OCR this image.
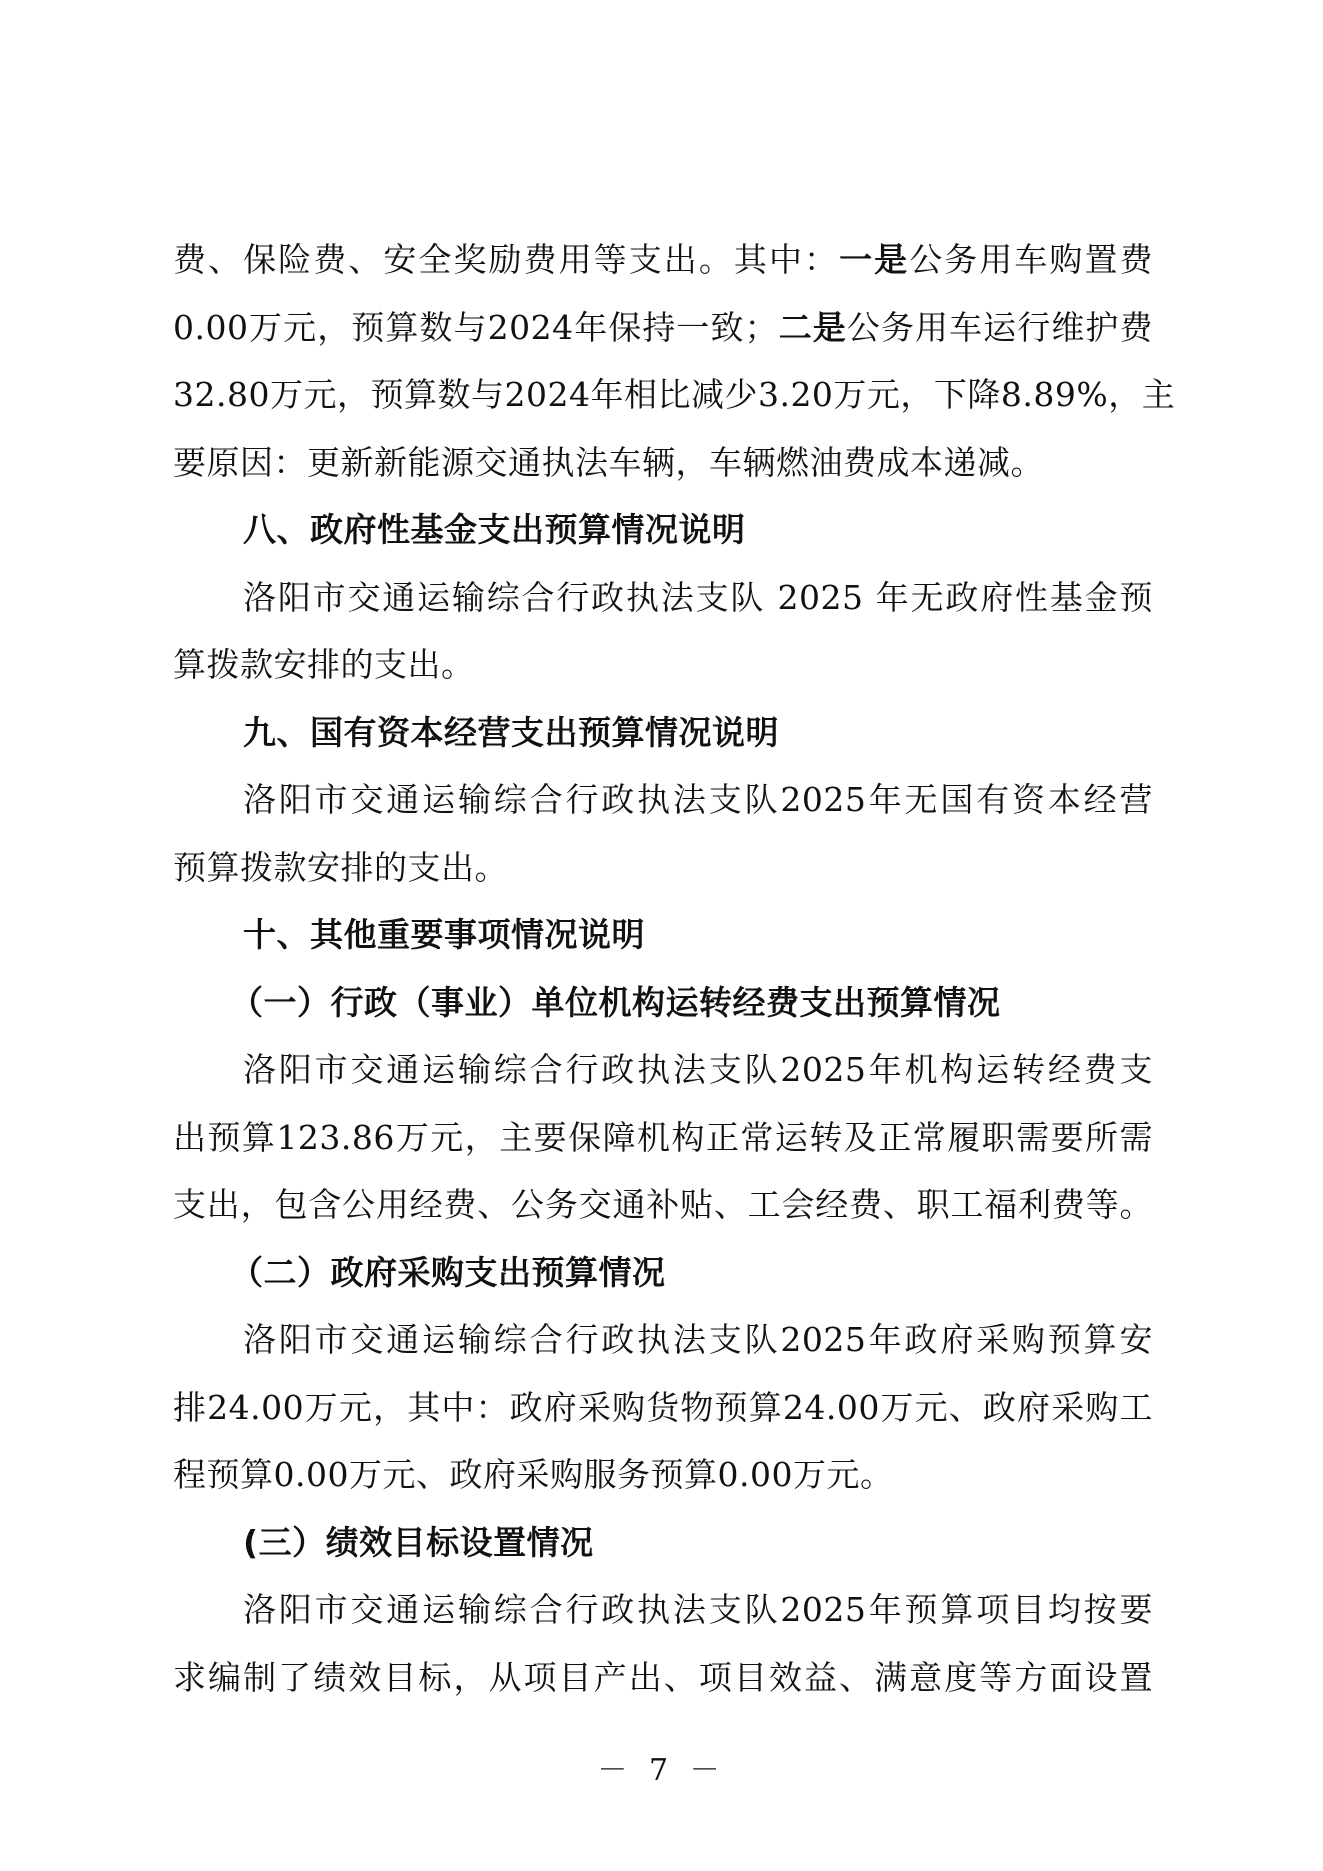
费、保险费、安全奖励费用等支出。其中：一是公务用车购置费
0.00万元，预算数与2024年保持一致；二是公务用车运行维护费
32.80万元，预算数与2024年相比减少3.20万元，下降8.89%，主
要原因：更新新能源交通执法车辆，车辆燃油费成本递减。
八、政府性基金支出预算情况说明
洛阳市交通运输综合行政执法支队 2025 年无政府性基金预
算拨款安排的支出。
九、国有资本经营支出预算情况说明
洛阳市交通运输综合行政执法支队2025年无国有资本经营
预算拨款安排的支出。
十、其他重要事项情况说明
（一）行政（事业）单位机构运转经费支出预算情况
洛阳市交通运输综合行政执法支队2025年机构运转经费支
出预算123.86万元，主要保障机构正常运转及正常履职需要所需
支出，包含公用经费、公务交通补贴、工会经费、职工福利费等。
（二）政府采购支出预算情况
洛阳市交通运输综合行政执法支队2025年政府采购预算安
排24.00万元，其中：政府采购货物预算24.00万元、政府采购工
程预算0.00万元、政府采购服务预算0.00万元。
(三）绩效目标设置情况
洛阳市交通运输综合行政执法支队2025年预算项目均按要
求编制了绩效目标，从项目产出、项目效益、满意度等方面设置
－ 7 －
